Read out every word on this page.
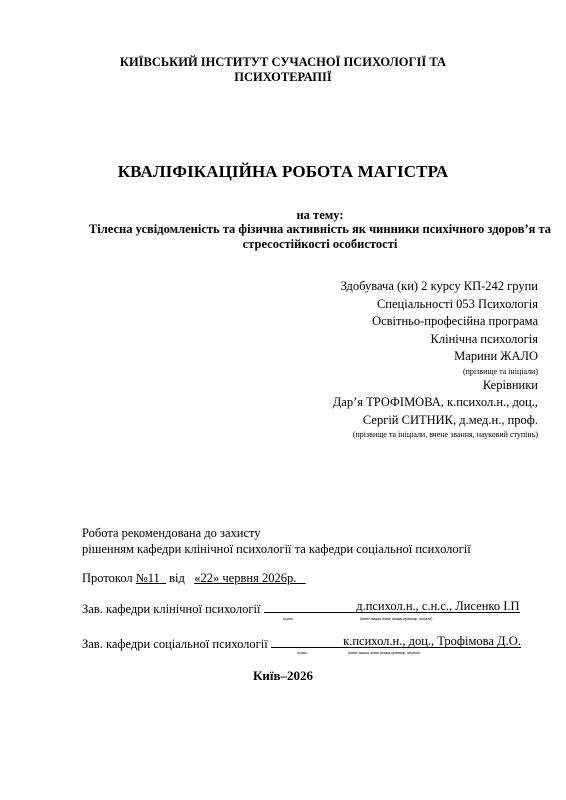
КИЇВСЬКИЙ ІНСТИТУТ СУЧАСНОЇ ПСИХОЛОГІЇ ТА
ПСИХОТЕРАПІЇ
КВАЛІФІКАЦІЙНА РОБОТА МАГІСТРА
на тему:
Тілесна усвідомленість та фізична активність як чинники психічного здоров’я та стресостійкості особистості
Здобувача (ки) 2 курсу КП-242 групи
Спеціальності 053 Психологія
Освітньо-професійна програма
Клінічна психологія
Марини ЖАЛО
(прізвище та ініціали)
Керівники
Дар’я ТРОФІМОВА, к.психол.н., доц.,
Сергій СИТНИК, д.мед.н., проф.
(прізвище та ініціали, вчене звання, науковий ступінь)
Робота рекомендована до захисту
рішенням кафедри клінічної психології та кафедри соціальної психології
Протокол №11 від «22» червня 2026р.
Зав. кафедри клінічної психології	д.психол.н., с.н.с., Лисенко І.П
підпис	(вчене звання, вчене звання,прізвище, ініціали)
Зав. кафедри соціальної психології	к.психол.н., доц., Трофімова Д.О.
підпис	(вчене звання, вчене звання,прізвище, ініціали)
Київ–2026
